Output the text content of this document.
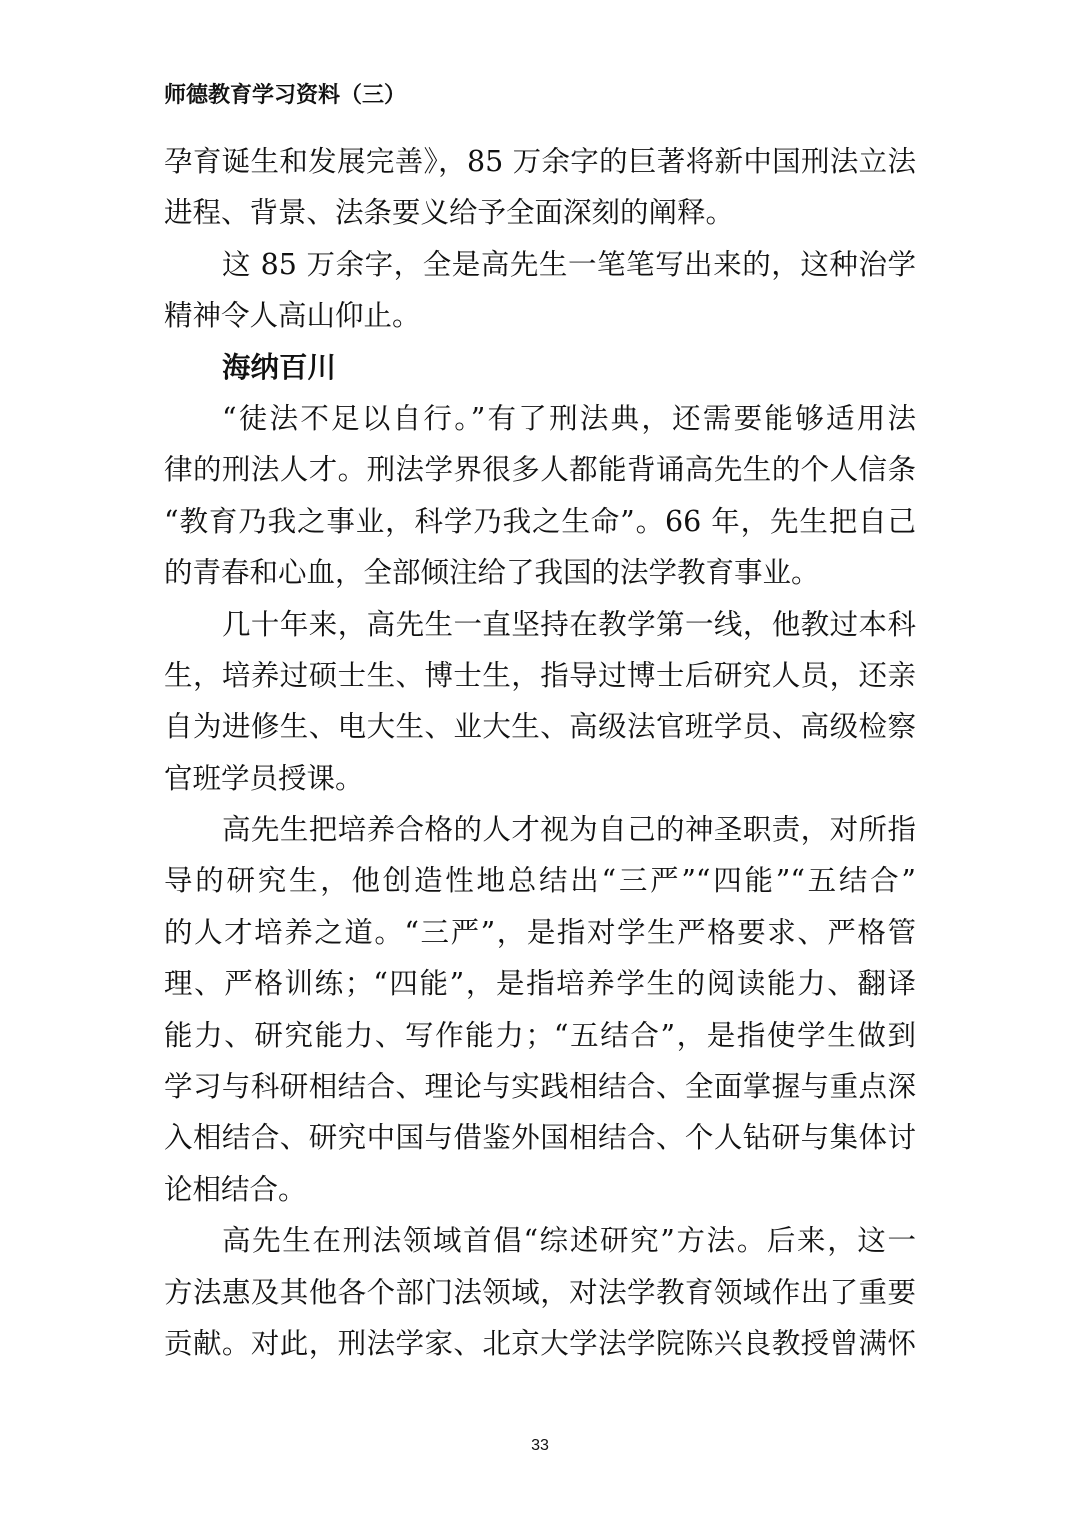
师德教育学习资料（三）
孕育诞生和发展完善》，85 万余字的巨著将新中国刑法立法
进程、背景、法条要义给予全面深刻的阐释。
这 85 万余字，全是高先生一笔笔写出来的，这种治学
精神令人高山仰止。
海纳百川
“徒法不足以自行。”有了刑法典，还需要能够适用法
律的刑法人才。刑法学界很多人都能背诵高先生的个人信条
“教育乃我之事业，科学乃我之生命”。66 年，先生把自己
的青春和心血，全部倾注给了我国的法学教育事业。
几十年来，高先生一直坚持在教学第一线，他教过本科
生，培养过硕士生、博士生，指导过博士后研究人员，还亲
自为进修生、电大生、业大生、高级法官班学员、高级检察
官班学员授课。
高先生把培养合格的人才视为自己的神圣职责，对所指
导的研究生，他创造性地总结出“三严”“四能”“五结合”
的人才培养之道。“三严”，是指对学生严格要求、严格管
理、严格训练；“四能”，是指培养学生的阅读能力、翻译
能力、研究能力、写作能力；“五结合”，是指使学生做到
学习与科研相结合、理论与实践相结合、全面掌握与重点深
入相结合、研究中国与借鉴外国相结合、个人钻研与集体讨
论相结合。
高先生在刑法领域首倡“综述研究”方法。后来，这一
方法惠及其他各个部门法领域，对法学教育领域作出了重要
贡献。对此，刑法学家、北京大学法学院陈兴良教授曾满怀
33
